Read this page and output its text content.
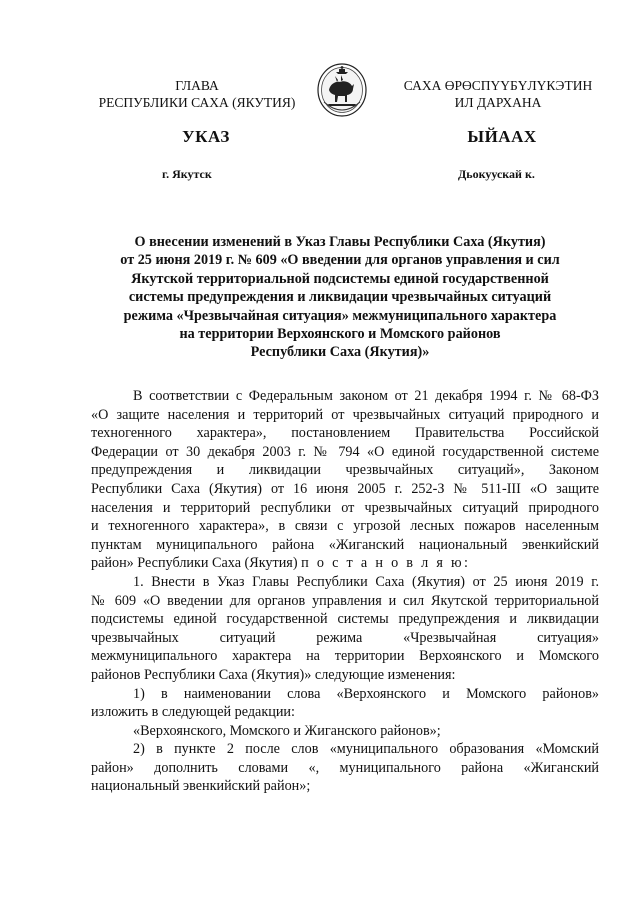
ГЛАВА
РЕСПУБЛИКИ САХА (ЯКУТИЯ)
САХА ӨРӨСПҮҮБҮЛҮКЭТИН
ИЛ ДАРХАНА
УКАЗ	ЫЙААХ
г. Якутск	Дьокуускай к.
О внесении изменений в Указ Главы Республики Саха (Якутия)
от 25 июня 2019 г. № 609 «О введении для органов управления и сил
Якутской территориальной подсистемы единой государственной
системы предупреждения и ликвидации чрезвычайных ситуаций
режима «Чрезвычайная ситуация» межмуниципального характера
на территории Верхоянского и Момского районов
Республики Саха (Якутия)»
В соответствии с Федеральным законом от 21 декабря 1994 г. № 68-ФЗ
«О защите населения и территорий от чрезвычайных ситуаций природного и
техногенного характера», постановлением Правительства Российской
Федерации от 30 декабря 2003 г. № 794 «О единой государственной системе
предупреждения и ликвидации чрезвычайных ситуаций», Законом
Республики Саха (Якутия) от 16 июня 2005 г. 252-З № 511-III «О защите
населения и территорий республики от чрезвычайных ситуаций природного
и техногенного характера», в связи с угрозой лесных пожаров населенным
пунктам муниципального района «Жиганский национальный эвенкийский
район» Республики Саха (Якутия) п о с т а н о в л я ю:
1. Внести в Указ Главы Республики Саха (Якутия) от 25 июня 2019 г.
№ 609 «О введении для органов управления и сил Якутской территориальной
подсистемы единой государственной системы предупреждения и ликвидации
чрезвычайных ситуаций режима «Чрезвычайная ситуация»
межмуниципального характера на территории Верхоянского и Момского
районов Республики Саха (Якутия)» следующие изменения:
1) в наименовании слова «Верхоянского и Момского районов»
изложить в следующей редакции:
«Верхоянского, Момского и Жиганского районов»;
2) в пункте 2 после слов «муниципального образования «Момский
район» дополнить словами «, муниципального района «Жиганский
национальный эвенкийский район»;
